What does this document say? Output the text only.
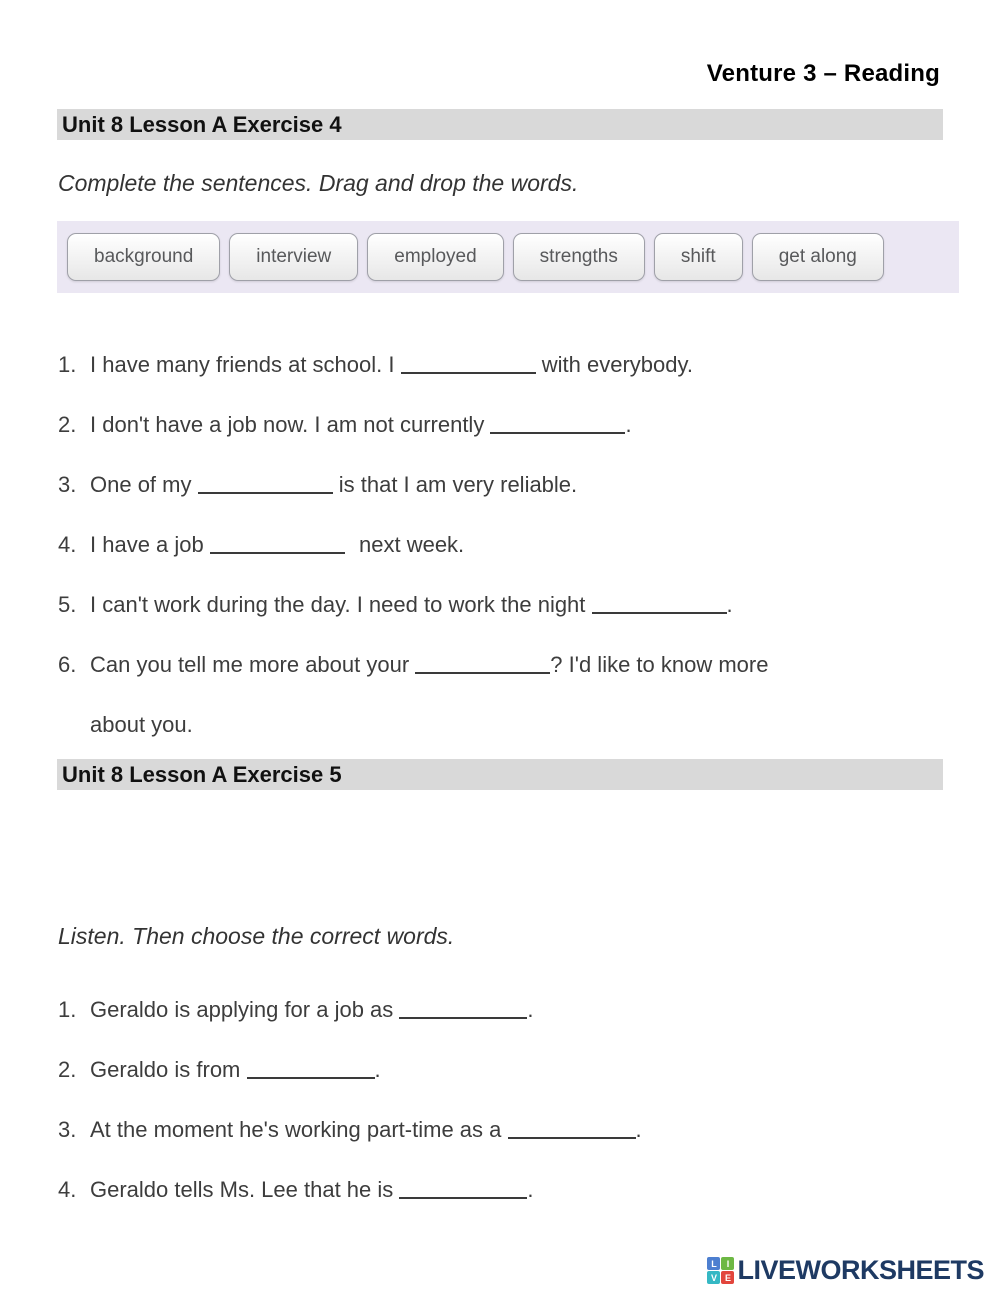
Venture 3 – Reading
Unit 8 Lesson A Exercise 4
Complete the sentences. Drag and drop the words.
background	interview	employed	strengths	shift	get along
1. I have many friends at school. I	with everybody.
2. I don't have a job now. I am not currently	.
3. One of my	is that I am very reliable.
4. I have a job	next week.
5. I can't work during the day. I need to work the night	.
6. Can you tell me more about your	? I'd like to know more
about you.
Unit 8 Lesson A Exercise 5
Listen. Then choose the correct words.
1. Geraldo is applying for a job as	.
2. Geraldo is from	.
3. At the moment he's working part-time as a	.
4. Geraldo tells Ms. Lee that he is	.
L	I
V E LIVEWORKSHEETS
